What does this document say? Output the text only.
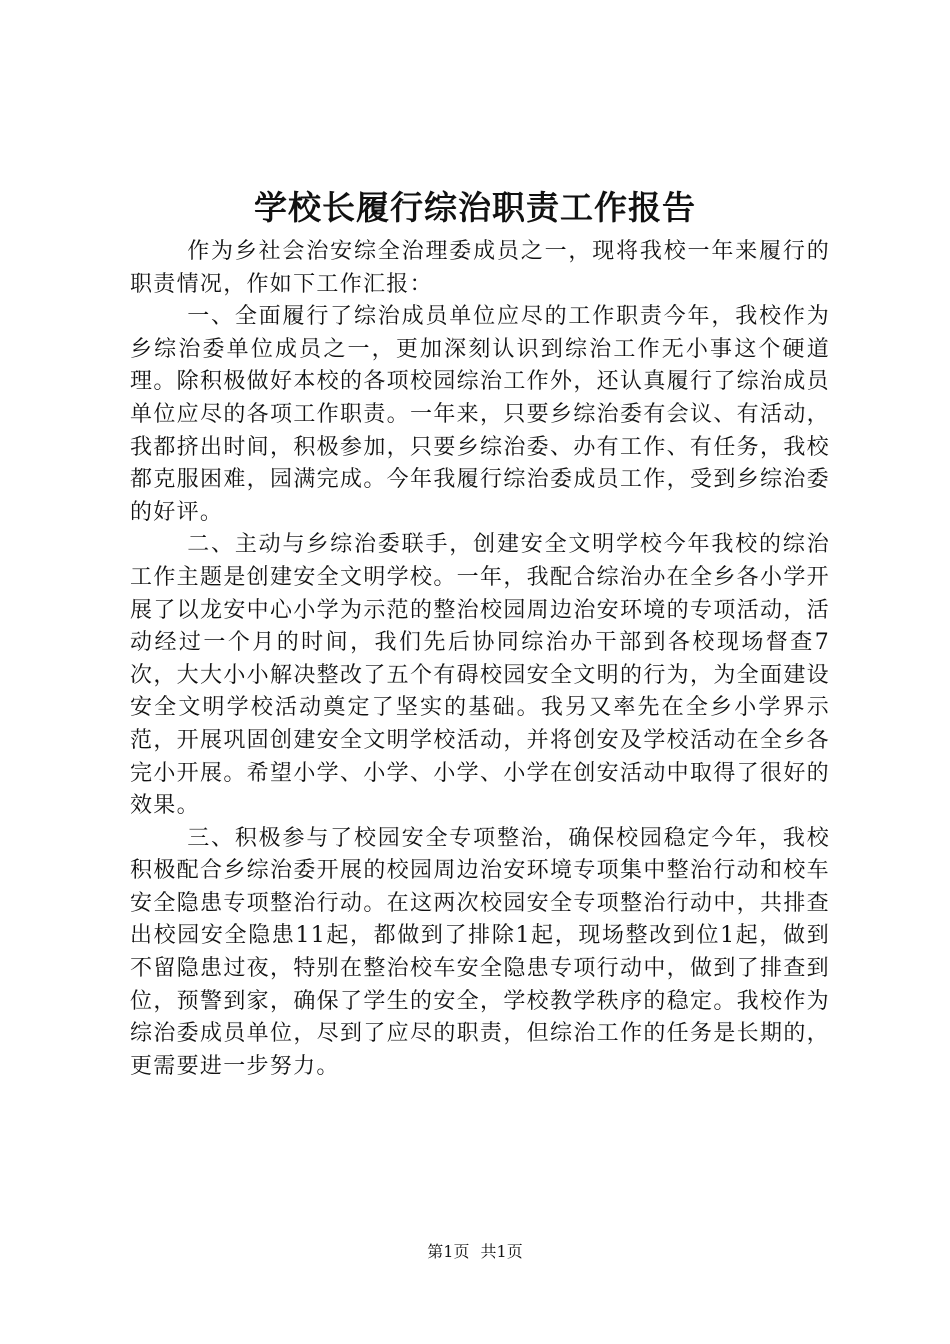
学校长履行综治职责工作报告

作为乡社会治安综全治理委成员之一，现将我校一年来履行的职责情况，作如下工作汇报：

一、全面履行了综治成员单位应尽的工作职责今年，我校作为乡综治委单位成员之一，更加深刻认识到综治工作无小事这个硬道理。除积极做好本校的各项校园综治工作外，还认真履行了综治成员单位应尽的各项工作职责。一年来，只要乡综治委有会议、有活动，我都挤出时间，积极参加，只要乡综治委、办有工作、有任务，我校都克服困难，园满完成。今年我履行综治委成员工作，受到乡综治委的好评。

二、主动与乡综治委联手，创建安全文明学校今年我校的综治工作主题是创建安全文明学校。一年，我配合综治办在全乡各小学开展了以龙安中心小学为示范的整治校园周边治安环境的专项活动，活动经过一个月的时间，我们先后协同综治办干部到各校现场督查7次，大大小小解决整改了五个有碍校园安全文明的行为，为全面建设安全文明学校活动奠定了坚实的基础。我另又率先在全乡小学界示范，开展巩固创建安全文明学校活动，并将创安及学校活动在全乡各完小开展。希望小学、小学、小学、小学在创安活动中取得了很好的效果。

三、积极参与了校园安全专项整治，确保校园稳定今年，我校积极配合乡综治委开展的校园周边治安环境专项集中整治行动和校车安全隐患专项整治行动。在这两次校园安全专项整治行动中，共排查出校园安全隐患11起，都做到了排除1起，现场整改到位1起，做到不留隐患过夜，特别在整治校车安全隐患专项行动中，做到了排查到位，预警到家，确保了学生的安全，学校教学秩序的稳定。我校作为综治委成员单位，尽到了应尽的职责，但综治工作的任务是长期的，更需要进一步努力。

第1页 共1页
